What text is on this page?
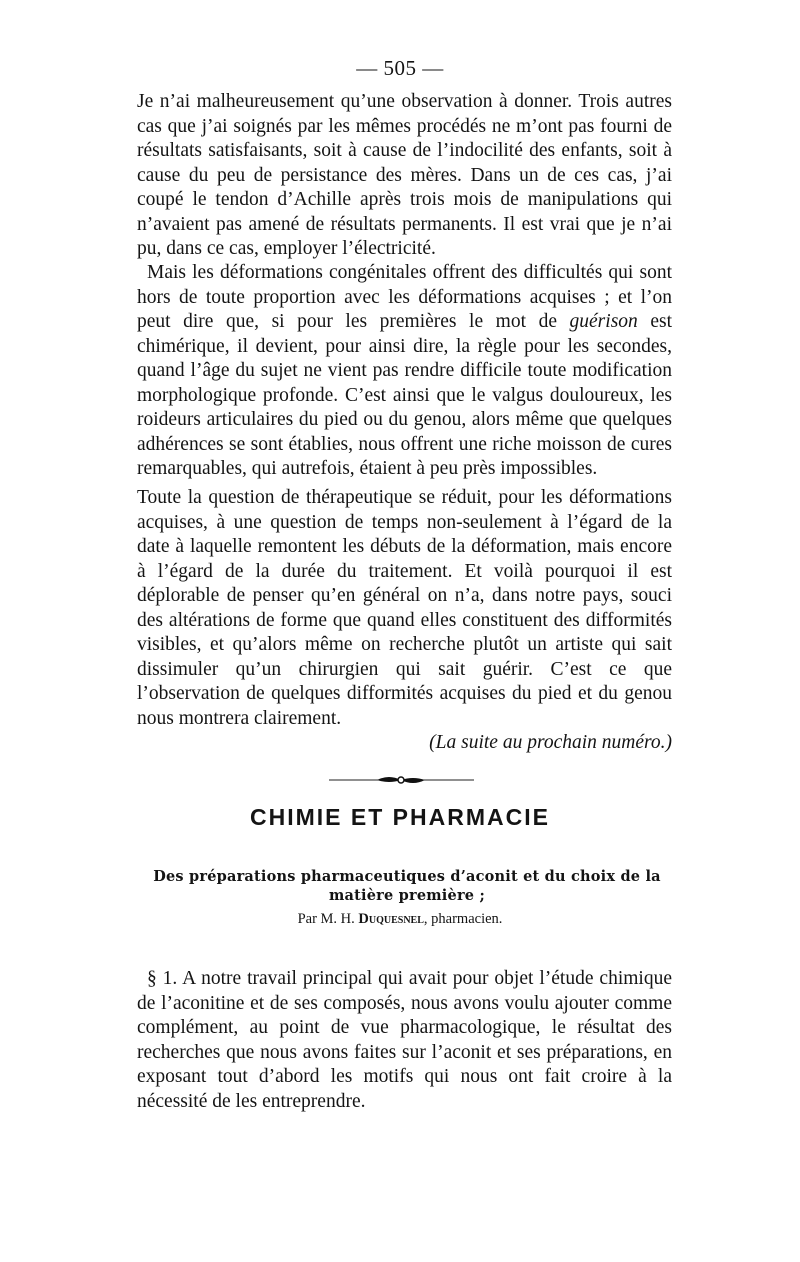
— 505 —

Je n’ai malheureusement qu’une observation à donner. Trois autres cas que j’ai soignés par les mêmes procédés ne m’ont pas fourni de résultats satisfaisants, soit à cause de l’indocilité des enfants, soit à cause du peu de persistance des mères. Dans un de ces cas, j’ai coupé le tendon d’Achille après trois mois de manipulations qui n’avaient pas amené de résultats permanents. Il est vrai que je n’ai pu, dans ce cas, employer l’électricité.

Mais les déformations congénitales offrent des difficultés qui sont hors de toute proportion avec les déformations acquises ; et l’on peut dire que, si pour les premières le mot de guérison est chimérique, il devient, pour ainsi dire, la règle pour les secondes, quand l’âge du sujet ne vient pas rendre difficile toute modification morphologique profonde. C’est ainsi que le valgus douloureux, les roideurs articulaires du pied ou du genou, alors même que quelques adhérences se sont établies, nous offrent une riche moisson de cures remarquables, qui autrefois, étaient à peu près impossibles.

Toute la question de thérapeutique se réduit, pour les déformations acquises, à une question de temps non-seulement à l’égard de la date à laquelle remontent les débuts de la déformation, mais encore à l’égard de la durée du traitement. Et voilà pourquoi il est déplorable de penser qu’en général on n’a, dans notre pays, souci des altérations de forme que quand elles constituent des difformités visibles, et qu’alors même on recherche plutôt un artiste qui sait dissimuler qu’un chirurgien qui sait guérir. C’est ce que l’observation de quelques difformités acquises du pied et du genou nous montrera clairement.

(La suite au prochain numéro.)
CHIMIE ET PHARMACIE
Des préparations pharmaceutiques d’aconit et du choix de la matière première ;
Par M. H. Duquesnel, pharmacien.

§ 1. A notre travail principal qui avait pour objet l’étude chimique de l’aconitine et de ses composés, nous avons voulu ajouter comme complément, au point de vue pharmacologique, le résultat des recherches que nous avons faites sur l’aconit et ses préparations, en exposant tout d’abord les motifs qui nous ont fait croire à la nécessité de les entreprendre.
